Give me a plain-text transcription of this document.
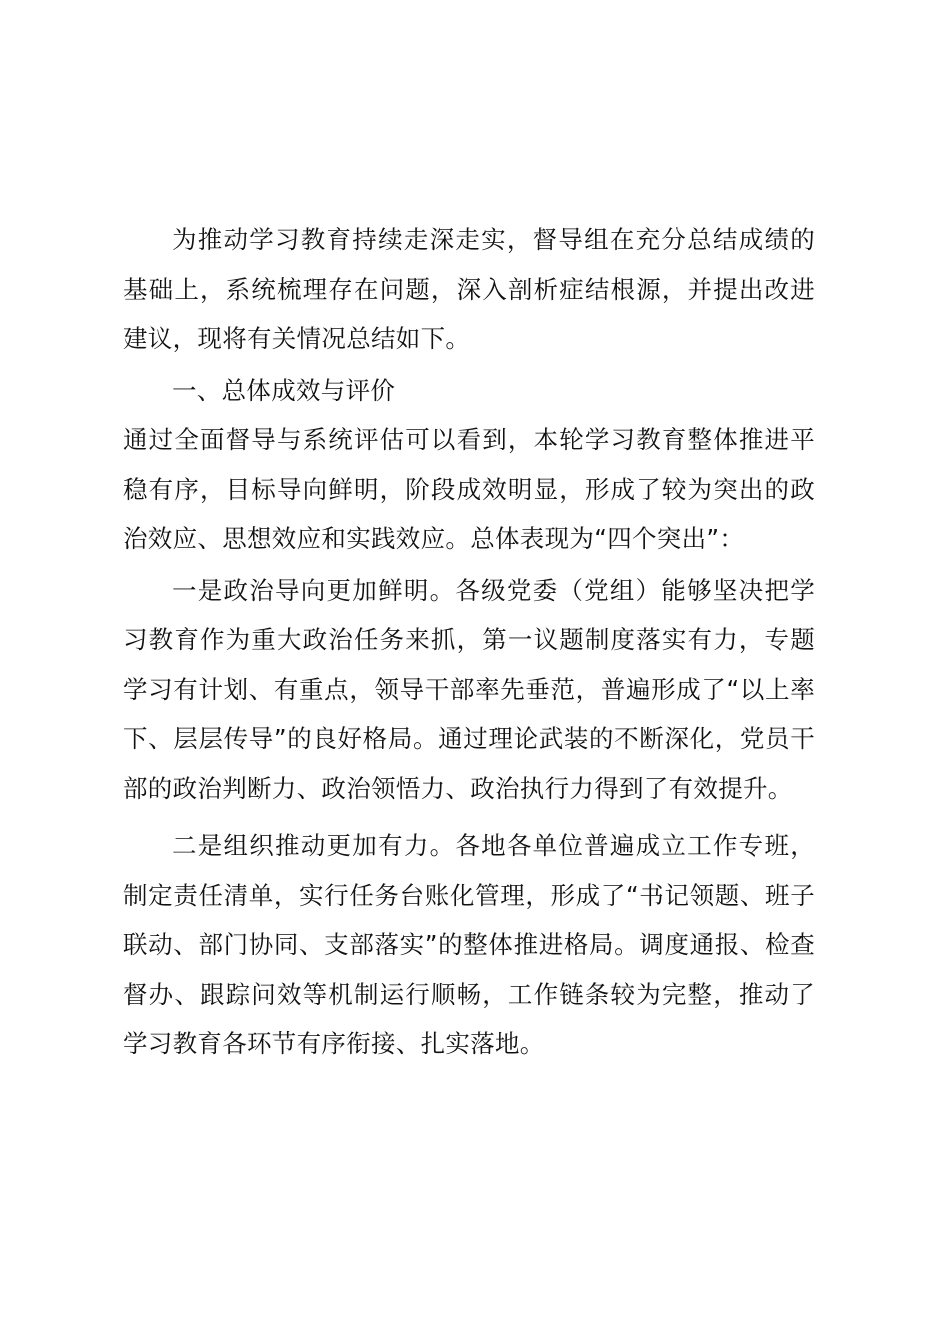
为推动学习教育持续走深走实，督导组在充分总结成绩的基础上，系统梳理存在问题，深入剖析症结根源，并提出改进建议，现将有关情况总结如下。

一、总体成效与评价

通过全面督导与系统评估可以看到，本轮学习教育整体推进平稳有序，目标导向鲜明，阶段成效明显，形成了较为突出的政治效应、思想效应和实践效应。总体表现为“四个突出”：

一是政治导向更加鲜明。各级党委（党组）能够坚决把学习教育作为重大政治任务来抓，第一议题制度落实有力，专题学习有计划、有重点，领导干部率先垂范，普遍形成了“以上率下、层层传导”的良好格局。通过理论武装的不断深化，党员干部的政治判断力、政治领悟力、政治执行力得到了有效提升。

二是组织推动更加有力。各地各单位普遍成立工作专班，制定责任清单，实行任务台账化管理，形成了“书记领题、班子联动、部门协同、支部落实”的整体推进格局。调度通报、检查督办、跟踪问效等机制运行顺畅，工作链条较为完整，推动了学习教育各环节有序衔接、扎实落地。
